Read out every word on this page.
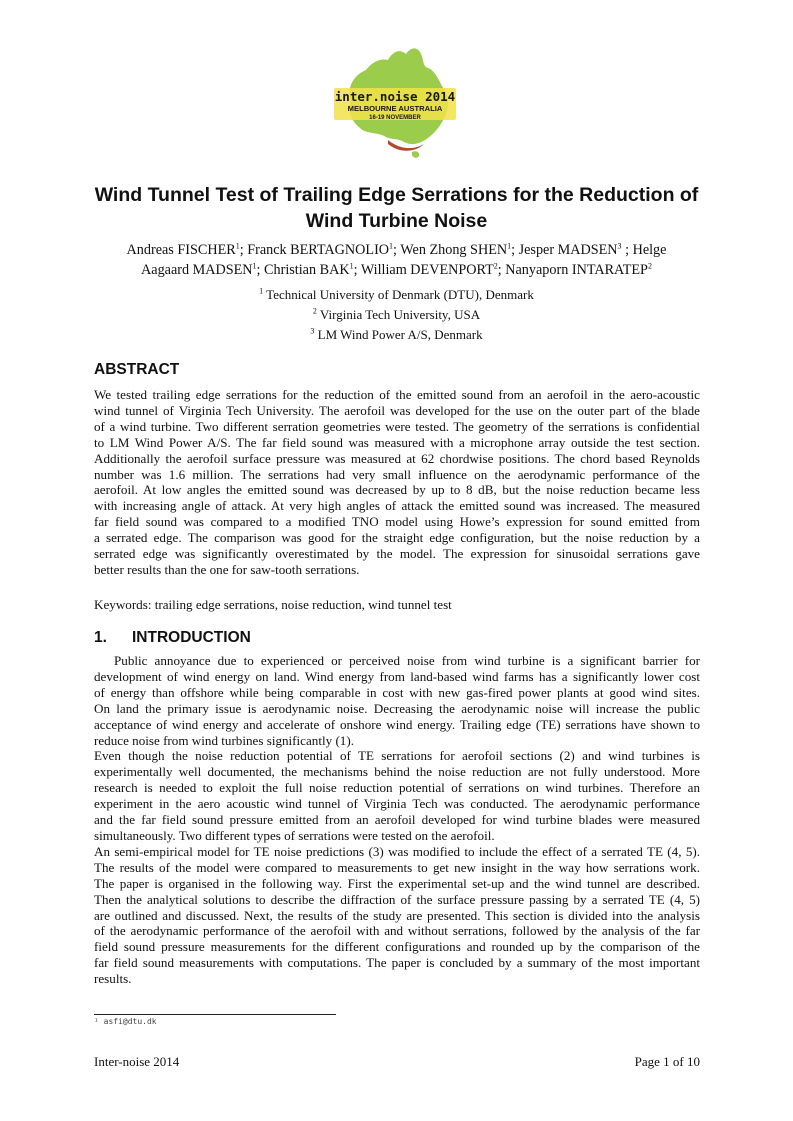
inter.noise 2014
MELBOURNE AUSTRALIA
16-19 NOVEMBER
Wind Tunnel Test of Trailing Edge Serrations for the Reduction of
Wind Turbine Noise
Andreas FISCHER$^1$; Franck BERTAGNOLIO$^1$; Wen Zhong SHEN$^1$; Jesper MADSEN$^3$ ; Helge
Aagaard MADSEN$^1$; Christian BAK$^1$; William DEVENPORT$^2$; Nanyaporn INTARATEP$^2$
$^1$ Technical University of Denmark (DTU), Denmark
$^2$ Virginia Tech University, USA
$^3$ LM Wind Power A/S, Denmark
ABSTRACT
We tested trailing edge serrations for the reduction of the emitted sound from an aerofoil in the aero-acoustic
wind tunnel of Virginia Tech University. The aerofoil was developed for the use on the outer part of the blade
of a wind turbine. Two different serration geometries were tested. The geometry of the serrations is confidential
to LM Wind Power A/S. The far field sound was measured with a microphone array outside the test section.
Additionally the aerofoil surface pressure was measured at 62 chordwise positions. The chord based Reynolds
number was 1.6 million. The serrations had very small influence on the aerodynamic performance of the
aerofoil. At low angles the emitted sound was decreased by up to 8 dB, but the noise reduction became less
with increasing angle of attack. At very high angles of attack the emitted sound was increased. The measured
far field sound was compared to a modified TNO model using Howe’s expression for sound emitted from
a serrated edge. The comparison was good for the straight edge configuration, but the noise reduction by a
serrated edge was significantly overestimated by the model. The expression for sinusoidal serrations gave
better results than the one for saw-tooth serrations.
Keywords: trailing edge serrations, noise reduction, wind tunnel test
1. INTRODUCTION
Public annoyance due to experienced or perceived noise from wind turbine is a significant barrier for
development of wind energy on land. Wind energy from land-based wind farms has a significantly lower cost
of energy than offshore while being comparable in cost with new gas-fired power plants at good wind sites.
On land the primary issue is aerodynamic noise. Decreasing the aerodynamic noise will increase the public
acceptance of wind energy and accelerate of onshore wind energy. Trailing edge (TE) serrations have shown to
reduce noise from wind turbines significantly (1).
Even though the noise reduction potential of TE serrations for aerofoil sections (2) and wind turbines is
experimentally well documented, the mechanisms behind the noise reduction are not fully understood. More
research is needed to exploit the full noise reduction potential of serrations on wind turbines. Therefore an
experiment in the aero acoustic wind tunnel of Virginia Tech was conducted. The aerodynamic performance
and the far field sound pressure emitted from an aerofoil developed for wind turbine blades were measured
simultaneously. Two different types of serrations were tested on the aerofoil.
An semi-empirical model for TE noise predictions (3) was modified to include the effect of a serrated TE (4, 5).
The results of the model were compared to measurements to get new insight in the way how serrations work.
The paper is organised in the following way. First the experimental set-up and the wind tunnel are described.
Then the analytical solutions to describe the diffraction of the surface pressure passing by a serrated TE (4, 5)
are outlined and discussed. Next, the results of the study are presented. This section is divided into the analysis
of the aerodynamic performance of the aerofoil with and without serrations, followed by the analysis of the far
field sound pressure measurements for the different configurations and rounded up by the comparison of the
far field sound measurements with computations. The paper is concluded by a summary of the most important
results.
¹ asfi@dtu.dk
Inter-noise 2014	Page 1 of 10
